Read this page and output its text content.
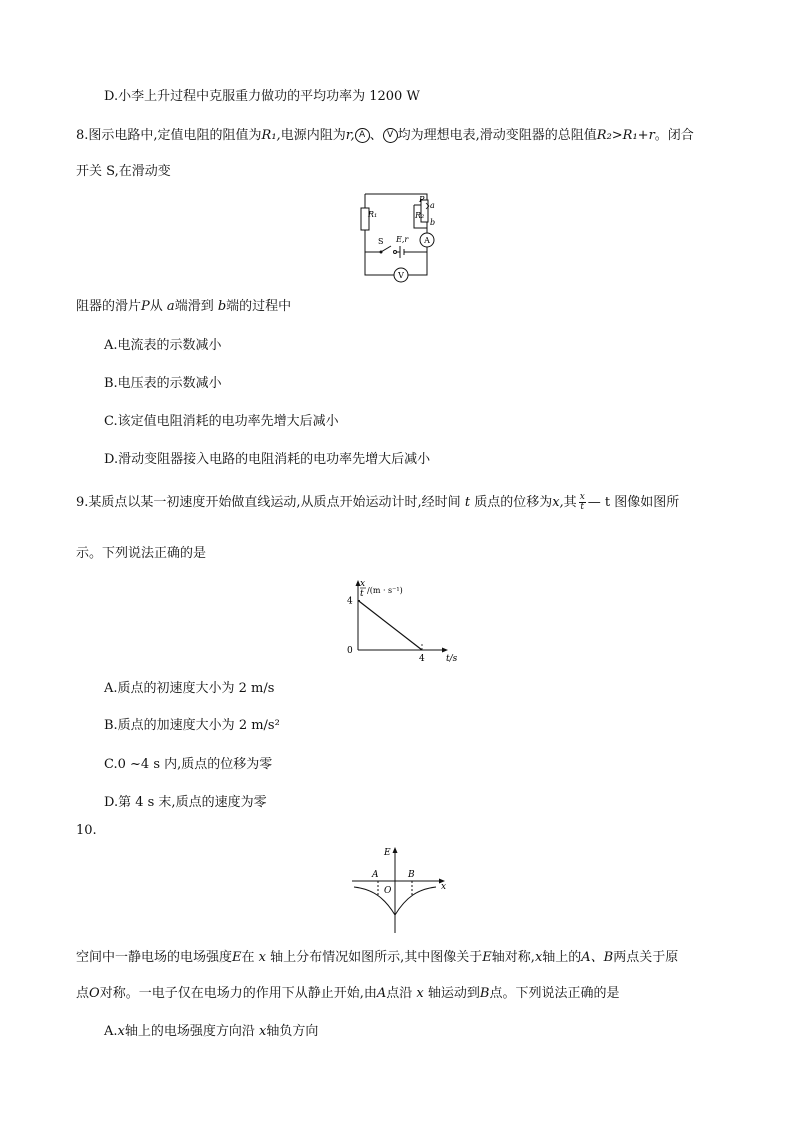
D.小李上升过程中克服重力做功的平均功率为 1200 W
8.图示电路中,定值电阻的阻值为R₁,电源内阻为r, A 、 V 均为理想电表,滑动变阻器的总阻值R₂>R₁+r。闭合
开关 S,在滑动变
R₁
P
a
R₂
b
S E,r A
V
阻器的滑片P从 a端滑到 b端的过程中
A.电流表的示数减小
B.电压表的示数减小
C.该定值电阻消耗的电功率先增大后减小
D.滑动变阻器接入电路的电阻消耗的电功率先增大后减小
9.某质点以某一初速度开始做直线运动,从质点开始运动计时,经时间 t 质点的位移为x,其 $\frac{x}{t}$ — t 图像如图所
示。下列说法正确的是
x
t /(m · s⁻¹)
4
4
0
t/s
A.质点的初速度大小为 2 m/s
B.质点的加速度大小为 2 m/s²
C.0 ~4 s 内,质点的位移为零
D.第 4 s 末,质点的速度为零
10.
E
A	B
O	x
空间中一静电场的电场强度E在 x 轴上分布情况如图所示,其中图像关于E轴对称,x轴上的A、B两点关于原
点O对称。一电子仅在电场力的作用下从静止开始,由A点沿 x 轴运动到B点。下列说法正确的是
A.x轴上的电场强度方向沿 x轴负方向
